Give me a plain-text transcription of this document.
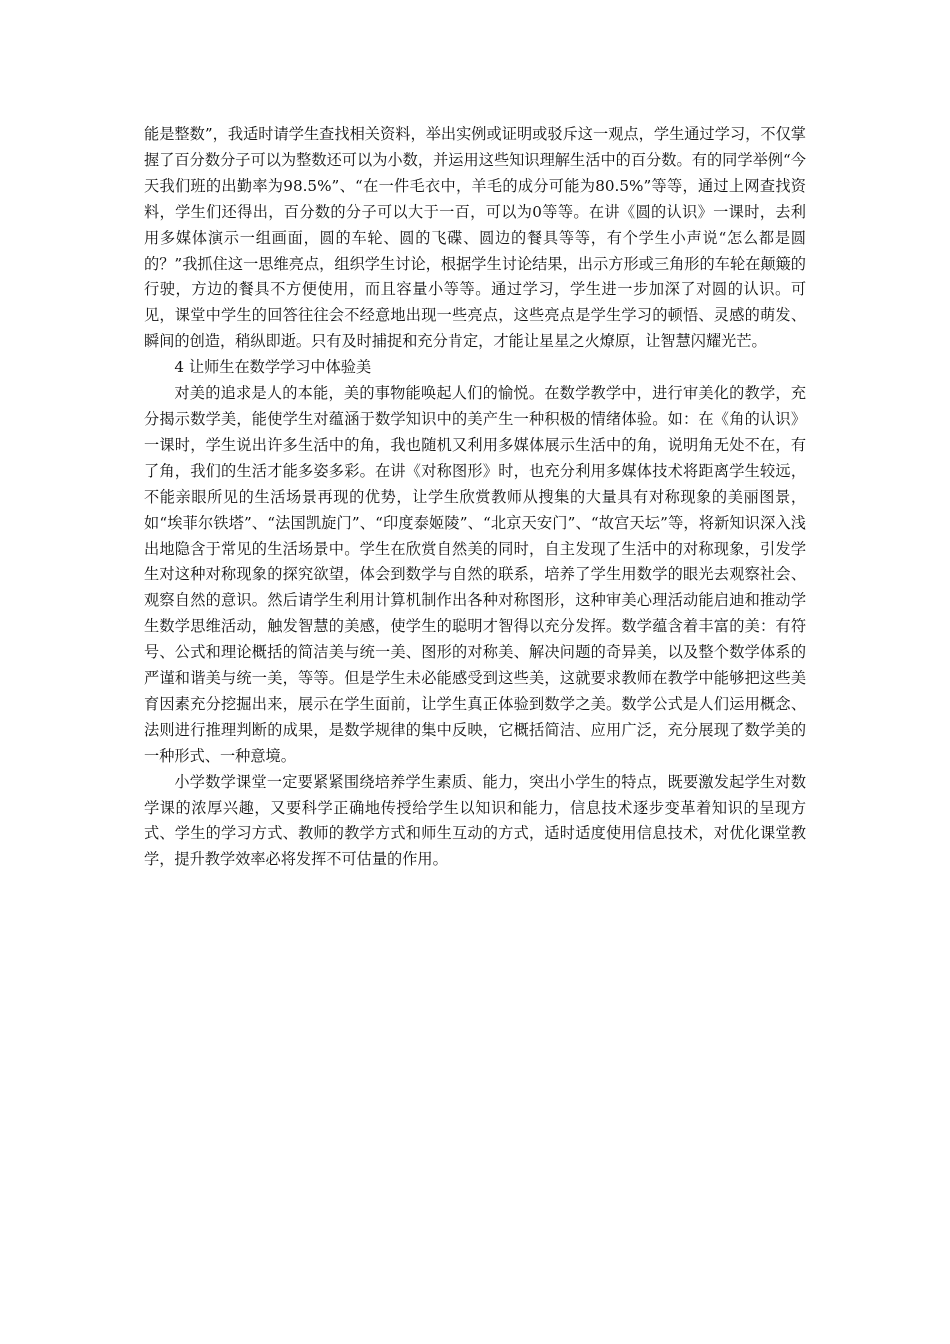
能是整数”，我适时请学生查找相关资料，举出实例或证明或驳斥这一观点，学生通过学习，不仅掌握了百分数分子可以为整数还可以为小数，并运用这些知识理解生活中的百分数。有的同学举例“今天我们班的出勤率为98.5%”、“在一件毛衣中，羊毛的成分可能为80.5%”等等，通过上网查找资料，学生们还得出，百分数的分子可以大于一百，可以为0等等。在讲《圆的认识》一课时，去利用多媒体演示一组画面，圆的车轮、圆的飞碟、圆边的餐具等等，有个学生小声说“怎么都是圆的？”我抓住这一思维亮点，组织学生讨论，根据学生讨论结果，出示方形或三角形的车轮在颠簸的行驶，方边的餐具不方便使用，而且容量小等等。通过学习，学生进一步加深了对圆的认识。可见，课堂中学生的回答往往会不经意地出现一些亮点，这些亮点是学生学习的顿悟、灵感的萌发、瞬间的创造，稍纵即逝。只有及时捕捉和充分肯定，才能让星星之火燎原，让智慧闪耀光芒。

4 让师生在数学学习中体验美

对美的追求是人的本能，美的事物能唤起人们的愉悦。在数学教学中，进行审美化的教学，充分揭示数学美，能使学生对蕴涵于数学知识中的美产生一种积极的情绪体验。如：在《角的认识》一课时，学生说出许多生活中的角，我也随机又利用多媒体展示生活中的角，说明角无处不在，有了角，我们的生活才能多姿多彩。在讲《对称图形》时，也充分利用多媒体技术将距离学生较远，不能亲眼所见的生活场景再现的优势，让学生欣赏教师从搜集的大量具有对称现象的美丽图景，如“埃菲尔铁塔”、“法国凯旋门”、“印度泰姬陵”、“北京天安门”、“故宫天坛”等，将新知识深入浅出地隐含于常见的生活场景中。学生在欣赏自然美的同时，自主发现了生活中的对称现象，引发学生对这种对称现象的探究欲望，体会到数学与自然的联系，培养了学生用数学的眼光去观察社会、观察自然的意识。然后请学生利用计算机制作出各种对称图形，这种审美心理活动能启迪和推动学生数学思维活动，触发智慧的美感，使学生的聪明才智得以充分发挥。数学蕴含着丰富的美：有符号、公式和理论概括的简洁美与统一美、图形的对称美、解决问题的奇异美，以及整个数学体系的严谨和谐美与统一美，等等。但是学生未必能感受到这些美，这就要求教师在教学中能够把这些美育因素充分挖掘出来，展示在学生面前，让学生真正体验到数学之美。数学公式是人们运用概念、法则进行推理判断的成果，是数学规律的集中反映，它概括简洁、应用广泛，充分展现了数学美的一种形式、一种意境。

小学数学课堂一定要紧紧围绕培养学生素质、能力，突出小学生的特点，既要激发起学生对数学课的浓厚兴趣，又要科学正确地传授给学生以知识和能力，信息技术逐步变革着知识的呈现方式、学生的学习方式、教师的教学方式和师生互动的方式，适时适度使用信息技术，对优化课堂教学，提升教学效率必将发挥不可估量的作用。
